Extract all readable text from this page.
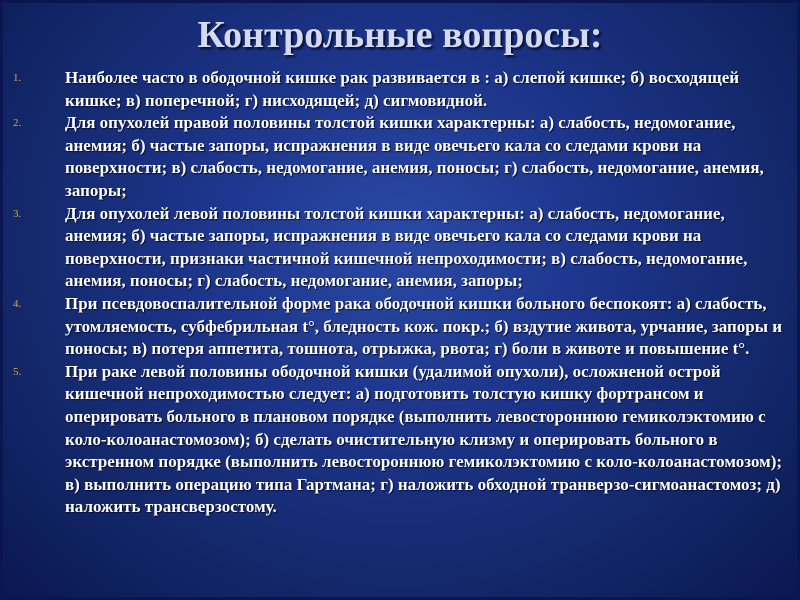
Контрольные вопросы:
1.	Наиболее часто в ободочной кишке рак развивается в : а) слепой кишке; б) восходящей кишке; в) поперечной; г) нисходящей; д) сигмовидной.
2.	Для опухолей правой половины толстой кишки характерны: а) слабость, недомогание, анемия; б) частые запоры, испражнения в виде овечьего кала со следами крови на поверхности; в) слабость, недомогание, анемия, поносы; г) слабость, недомогание, анемия, запоры;
3.	Для опухолей левой половины толстой кишки характерны: а) слабость, недомогание, анемия; б) частые запоры, испражнения в виде овечьего кала со следами крови на поверхности, признаки частичной кишечной непроходимости; в) слабость, недомогание, анемия, поносы; г) слабость, недомогание, анемия, запоры;
4.	При псевдовоспалительной форме рака ободочной кишки больного беспокоят: а) слабость, утомляемость, субфебрильная t°, бледность кож. покр.; б) вздутие живота, урчание, запоры и поносы; в) потеря аппетита, тошнота, отрыжка, рвота; г) боли в животе и повышение t°.
5.	При раке левой половины ободочной кишки (удалимой опухоли), осложненой острой кишечной непроходимостью следует: а) подготовить толстую кишку фортрансом и оперировать больного в плановом порядке (выполнить левостороннюю гемиколэктомию с коло-колоанастомозом); б) сделать очистительную клизму и оперировать больного в экстренном порядке (выполнить левостороннюю гемиколэктомию с коло-колоанастомозом); в) выполнить операцию типа Гартмана; г) наложить обходной транверзо-сигмоанастомоз; д) наложить трансверзостому.
